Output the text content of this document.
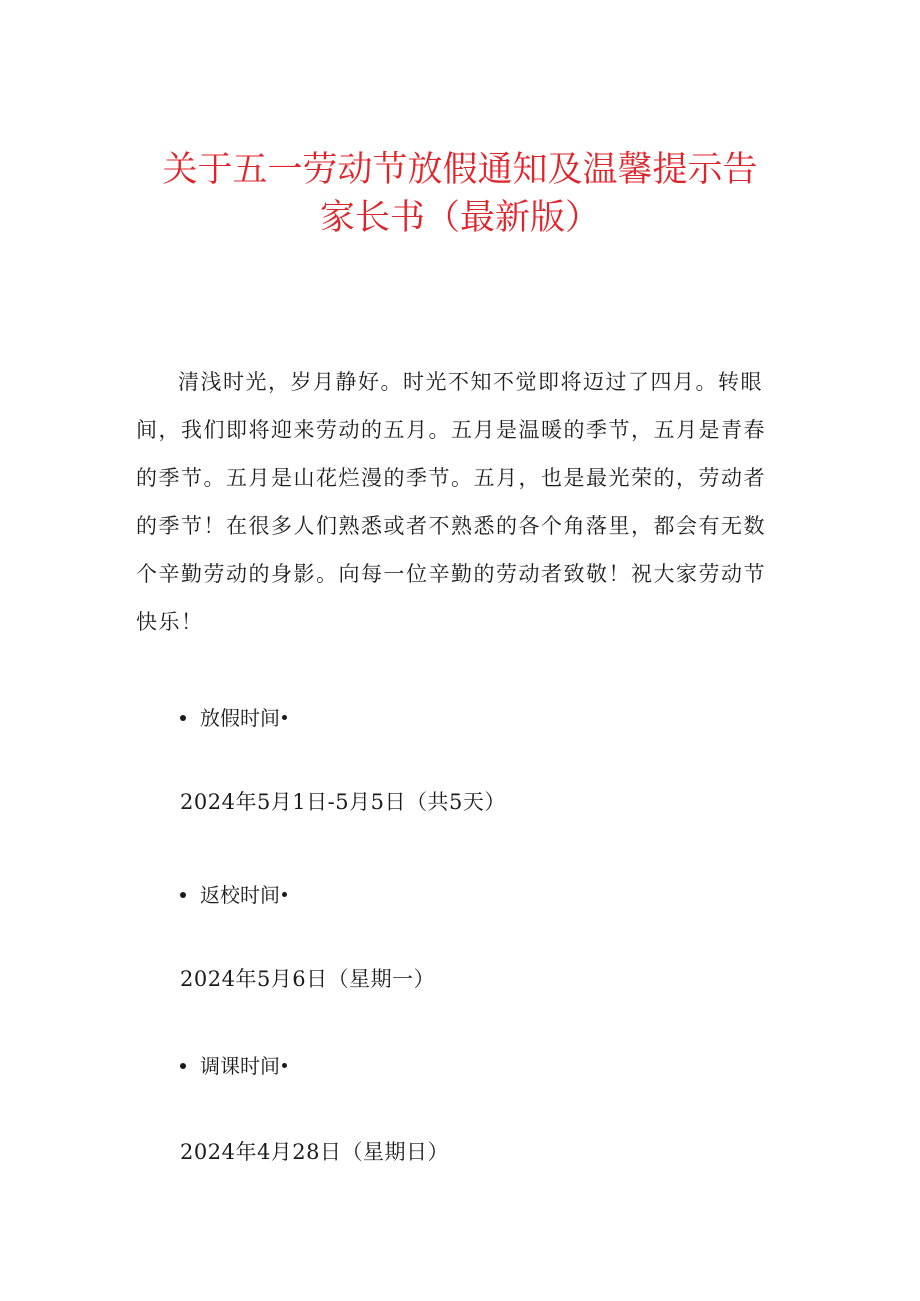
关于五一劳动节放假通知及温馨提示告
家长书（最新版）

清浅时光，岁月静好。时光不知不觉即将迈过了四月。转眼间，我们即将迎来劳动的五月。五月是温暖的季节，五月是青春的季节。五月是山花烂漫的季节。五月，也是最光荣的，劳动者的季节！在很多人们熟悉或者不熟悉的各个角落里，都会有无数个辛勤劳动的身影。向每一位辛勤的劳动者致敬！祝大家劳动节快乐！

放假时间
2024年5月1日-5月5日（共5天）
返校时间
2024年5月6日（星期一）
调课时间
2024年4月28日（星期日）
